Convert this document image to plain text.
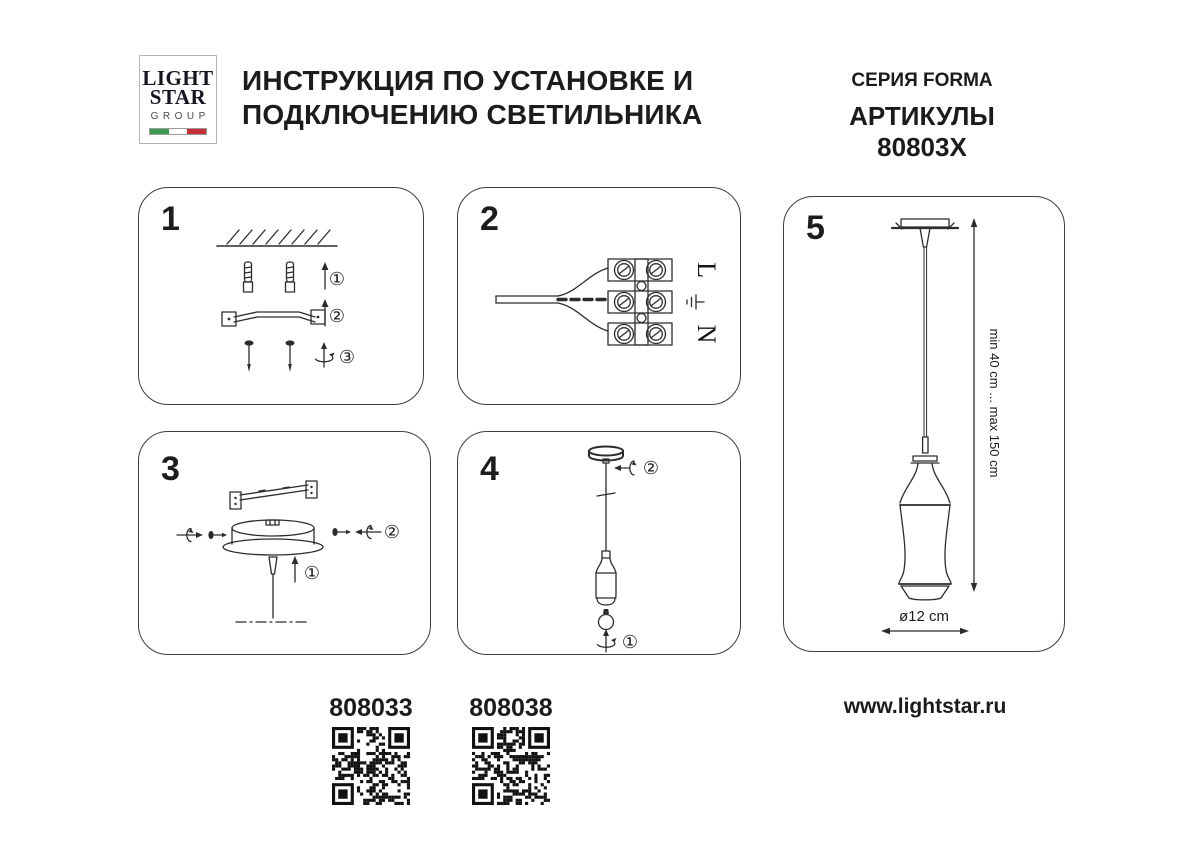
LIGHT
STAR
GROUP
ИНСТРУКЦИЯ ПО УСТАНОВКЕ И
ПОДКЛЮЧЕНИЮ СВЕТИЛЬНИКА
СЕРИЯ FORMA
АРТИКУЛЫ 80803X
1
①
②
③
2
L
N
3
②
①
4	②
①
5
min 40 cm ... max 150 cm
ø12 cm
808033	808038	www.lightstar.ru
